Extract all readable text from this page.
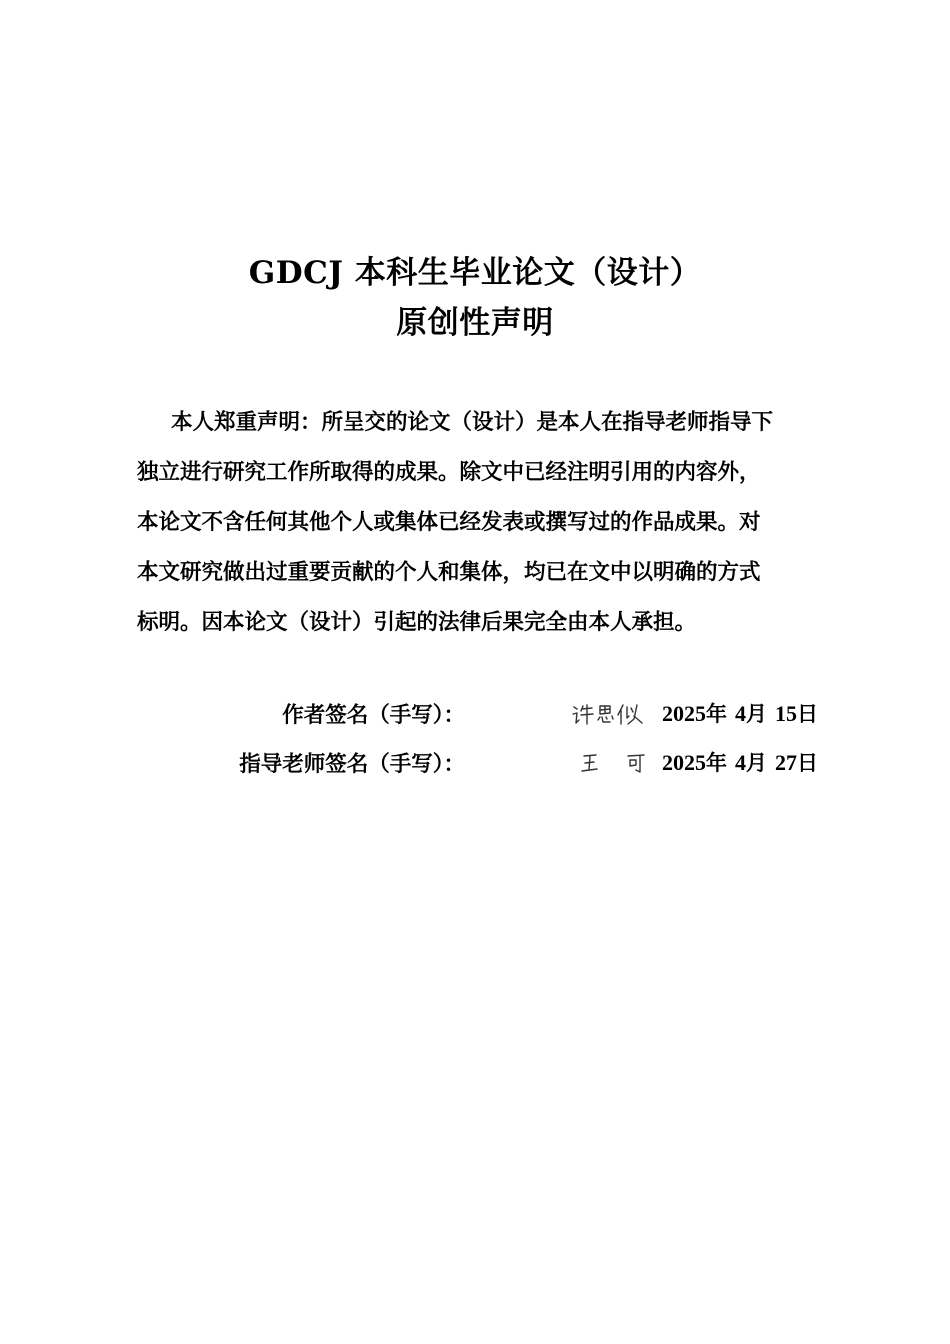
GDCJ 本科生毕业论文（设计）
原创性声明
本人郑重声明：所呈交的论文（设计）是本人在指导老师指导下
独立进行研究工作所取得的成果。除文中已经注明引用的内容外，
本论文不含任何其他个人或集体已经发表或撰写过的作品成果。对
本文研究做出过重要贡献的个人和集体，均已在文中以明确的方式
标明。因本论文（设计）引起的法律后果完全由本人承担。
作者签名（手写）：	2025年 4月 15日
指导老师签名（手写）：	2025年 4月 27日
